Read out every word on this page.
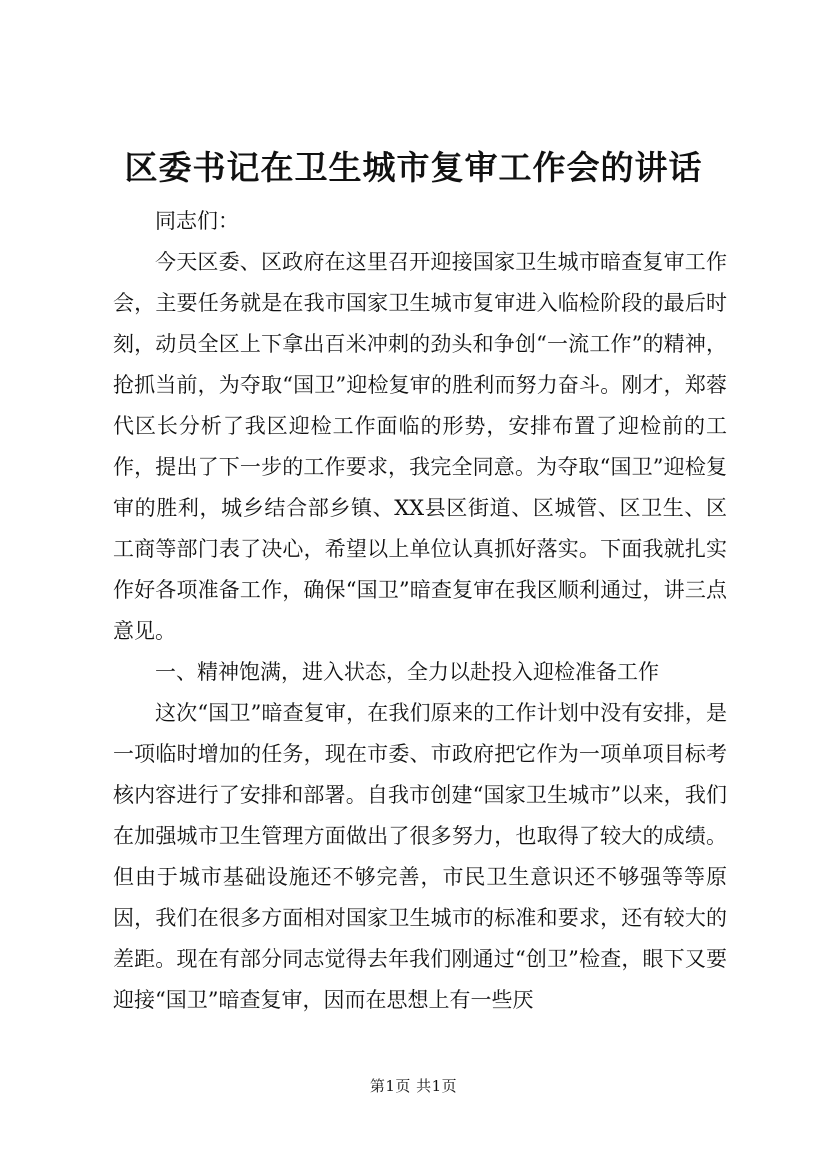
区委书记在卫生城市复审工作会的讲话

同志们：

今天区委、区政府在这里召开迎接国家卫生城市暗查复审工作会，主要任务就是在我市国家卫生城市复审进入临检阶段的最后时刻，动员全区上下拿出百米冲刺的劲头和争创“一流工作”的精神，抢抓当前，为夺取“国卫”迎检复审的胜利而努力奋斗。刚才，郑蓉代区长分析了我区迎检工作面临的形势，安排布置了迎检前的工作，提出了下一步的工作要求，我完全同意。为夺取“国卫”迎检复审的胜利，城乡结合部乡镇、XX县区街道、区城管、区卫生、区工商等部门表了决心，希望以上单位认真抓好落实。下面我就扎实作好各项准备工作，确保“国卫”暗查复审在我区顺利通过，讲三点意见。

一、精神饱满，进入状态，全力以赴投入迎检准备工作

这次“国卫”暗查复审，在我们原来的工作计划中没有安排，是一项临时增加的任务，现在市委、市政府把它作为一项单项目标考核内容进行了安排和部署。自我市创建“国家卫生城市”以来，我们在加强城市卫生管理方面做出了很多努力，也取得了较大的成绩。但由于城市基础设施还不够完善，市民卫生意识还不够强等等原因，我们在很多方面相对国家卫生城市的标准和要求，还有较大的差距。现在有部分同志觉得去年我们刚通过“创卫”检查，眼下又要迎接“国卫”暗查复审，因而在思想上有一些厌

第1页 共1页
